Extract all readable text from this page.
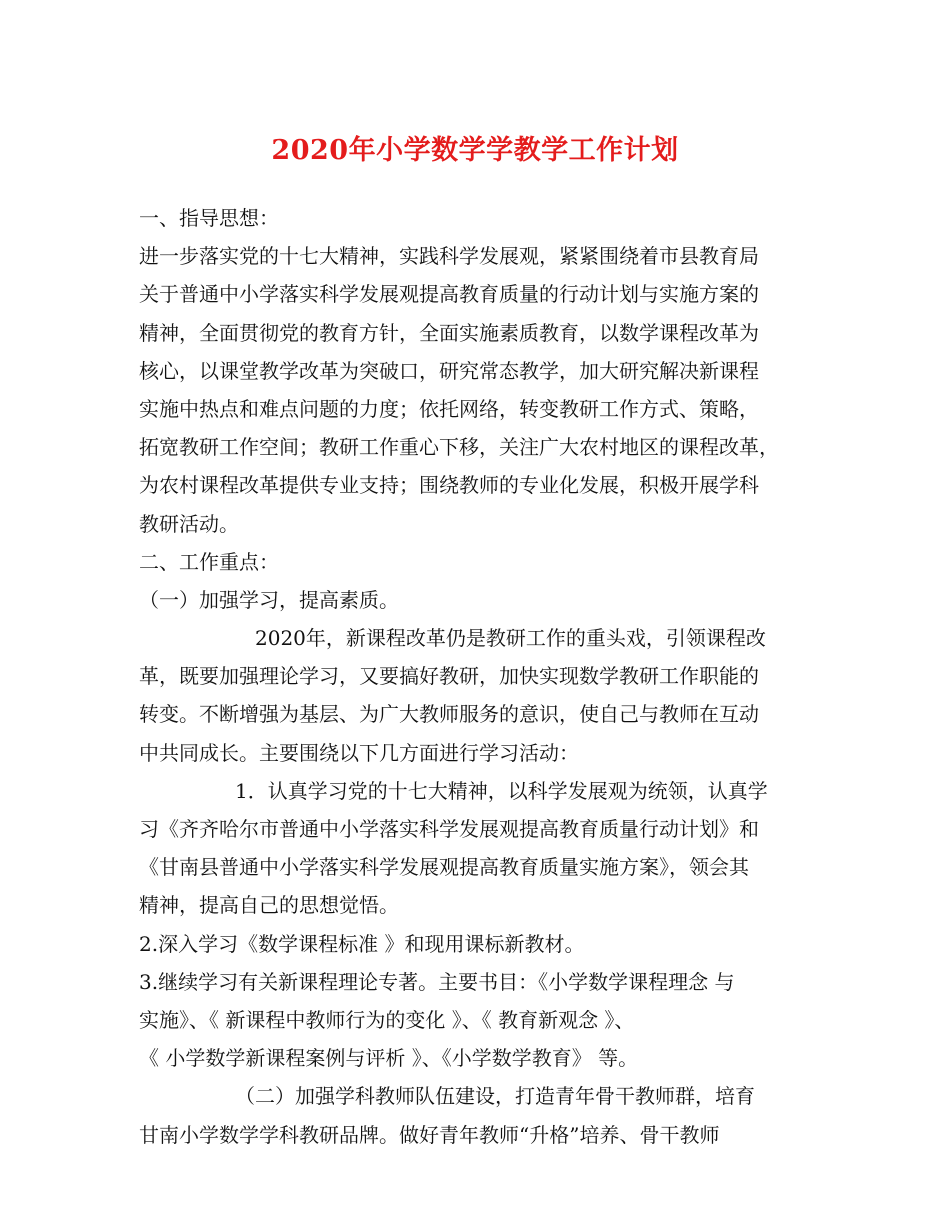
2020年小学数学学教学工作计划
一、指导思想：
进一步落实党的十七大精神，实践科学发展观，紧紧围绕着市县教育局
关于普通中小学落实科学发展观提高教育质量的行动计划与实施方案的
精神，全面贯彻党的教育方针，全面实施素质教育，以数学课程改革为
核心，以课堂教学改革为突破口，研究常态教学，加大研究解决新课程
实施中热点和难点问题的力度；依托网络，转变教研工作方式、策略，
拓宽教研工作空间；教研工作重心下移，关注广大农村地区的课程改革，
为农村课程改革提供专业支持；围绕教师的专业化发展，积极开展学科
教研活动。
二、工作重点：
（一）加强学习，提高素质。
2020年，新课程改革仍是教研工作的重头戏，引领课程改
革，既要加强理论学习，又要搞好教研，加快实现数学教研工作职能的
转变。不断增强为基层、为广大教师服务的意识，使自己与教师在互动
中共同成长。主要围绕以下几方面进行学习活动：
1．认真学习党的十七大精神，以科学发展观为统领，认真学
习《齐齐哈尔市普通中小学落实科学发展观提高教育质量行动计划》和
《甘南县普通中小学落实科学发展观提高教育质量实施方案》，领会其
精神，提高自己的思想觉悟。
2.深入学习《数学课程标准 》和现用课标新教材。
3.继续学习有关新课程理论专著。主要书目：《小学数学课程理念 与
实施》、《 新课程中教师行为的变化 》、《 教育新观念 》、
《 小学数学新课程案例与评析 》、《小学数学教育》 等。
（二）加强学科教师队伍建设，打造青年骨干教师群，培育
甘南小学数学学科教研品牌。做好青年教师“升格”培养、骨干教师
